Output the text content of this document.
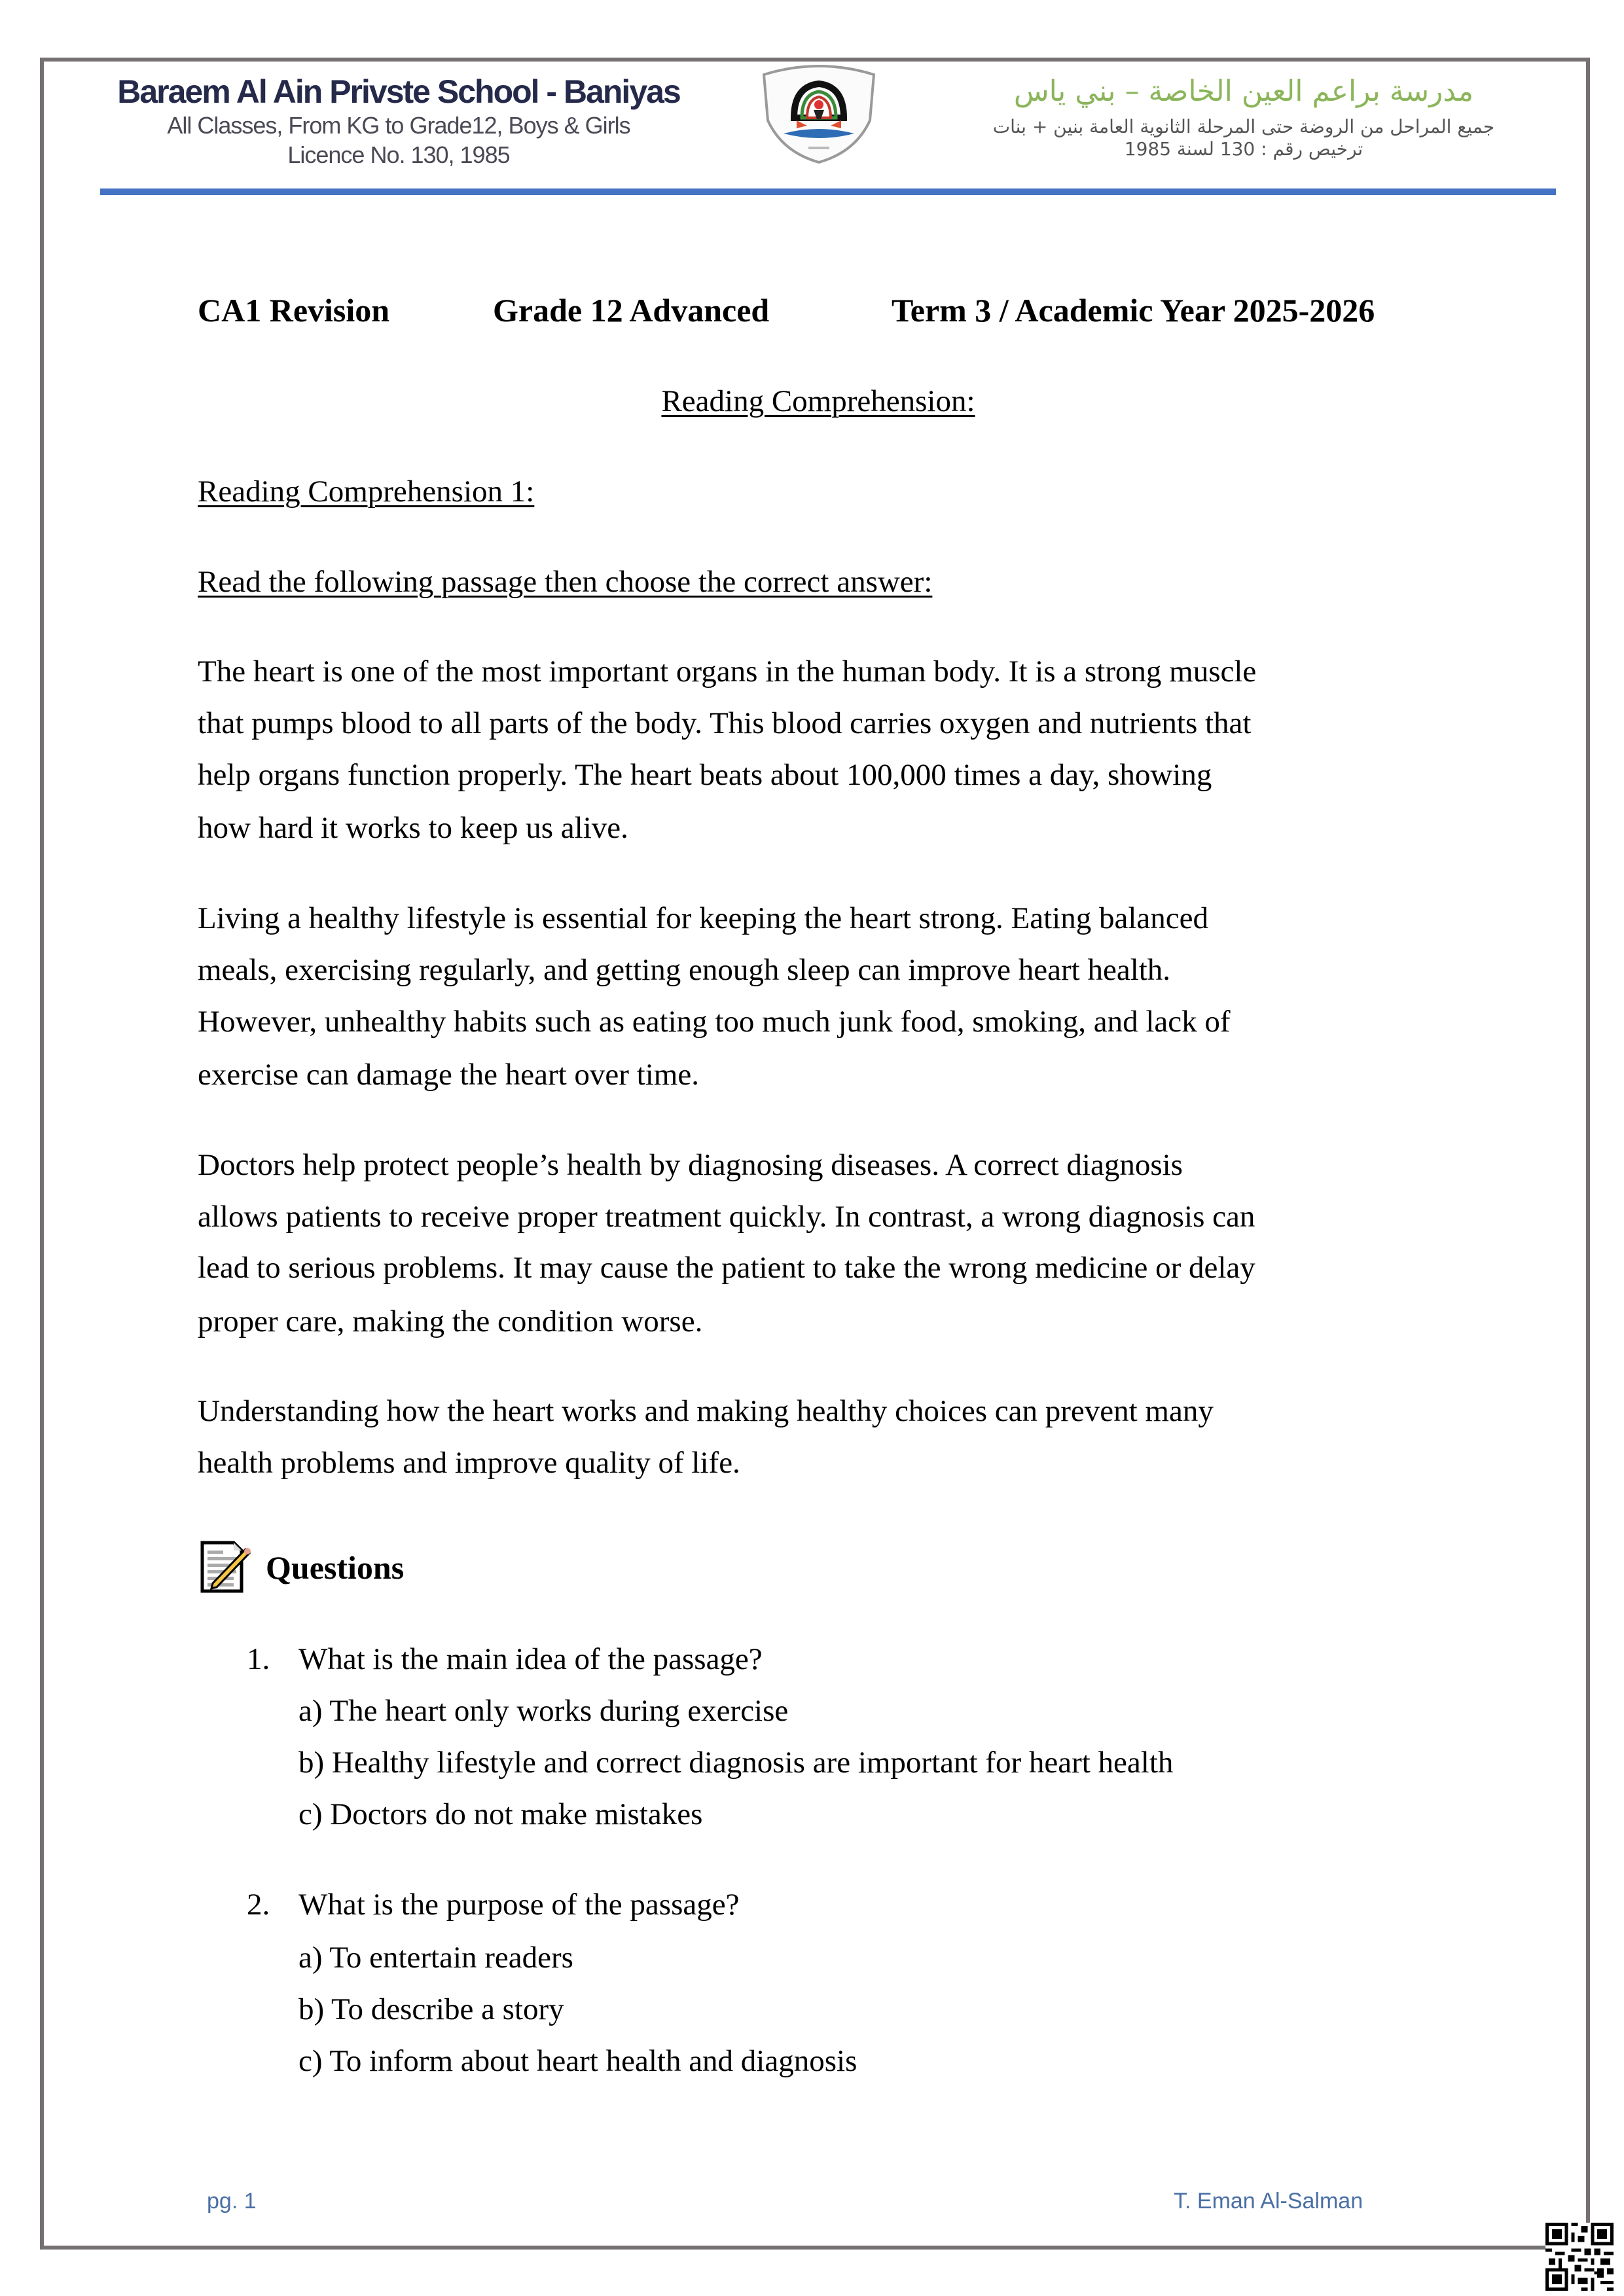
Baraem Al Ain Privste School - Baniyas
All Classes, From KG to Grade12, Boys & Girls
Licence No. 130, 1985
مدرسة براعم العين الخاصة – بني ياس
جميع المراحل من الروضة حتى المرحلة الثانوية العامة بنين + بنات
ترخيص رقم : 130 لسنة 1985
CA1 Revision	Grade 12 Advanced	Term 3 / Academic Year 2025-2026
Reading Comprehension:
Reading Comprehension 1:
Read the following passage then choose the correct answer:
The heart is one of the most important organs in the human body. It is a strong muscle
that pumps blood to all parts of the body. This blood carries oxygen and nutrients that
help organs function properly. The heart beats about 100,000 times a day, showing
how hard it works to keep us alive.
Living a healthy lifestyle is essential for keeping the heart strong. Eating balanced
meals, exercising regularly, and getting enough sleep can improve heart health.
However, unhealthy habits such as eating too much junk food, smoking, and lack of
exercise can damage the heart over time.
Doctors help protect people’s health by diagnosing diseases. A correct diagnosis
allows patients to receive proper treatment quickly. In contrast, a wrong diagnosis can
lead to serious problems. It may cause the patient to take the wrong medicine or delay
proper care, making the condition worse.
Understanding how the heart works and making healthy choices can prevent many
health problems and improve quality of life.
Questions
1. What is the main idea of the passage?
a) The heart only works during exercise
b) Healthy lifestyle and correct diagnosis are important for heart health
c) Doctors do not make mistakes
2. What is the purpose of the passage?
a) To entertain readers
b) To describe a story
c) To inform about heart health and diagnosis
pg. 1	T. Eman Al-Salman
